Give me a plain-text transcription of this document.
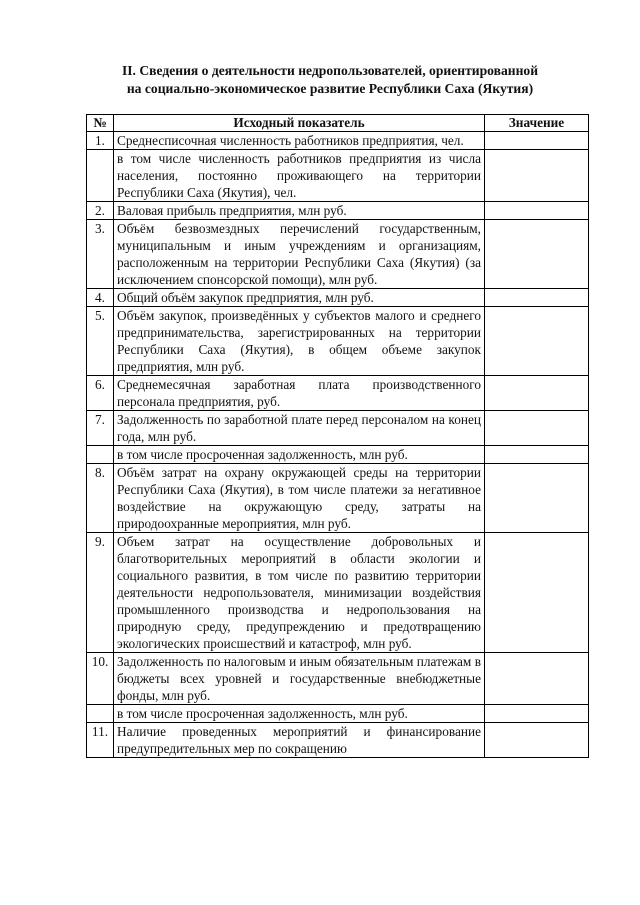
II. Сведения о деятельности недропользователей, ориентированной
на социально-экономическое развитие Республики Саха (Якутия)
№	Исходный показатель	Значение
1.	Среднесписочная численность работников предприятия, чел.	
	в том числе численность работников предприятия из числа населения, постоянно проживающего на территории Республики Саха (Якутия), чел.	
2.	Валовая прибыль предприятия, млн руб.	
3.	Объём безвозмездных перечислений государственным, муниципальным и иным учреждениям и организациям, расположенным на территории Республики Саха (Якутия) (за исключением спонсорской помощи), млн руб.	
4.	Общий объём закупок предприятия, млн руб.	
5.	Объём закупок, произведённых у субъектов малого и среднего предпринимательства, зарегистрированных на территории Республики Саха (Якутия), в общем объеме закупок предприятия, млн руб.	
6.	Среднемесячная заработная плата производственного персонала предприятия, руб.	
7.	Задолженность по заработной плате перед персоналом на конец года, млн руб.	
	в том числе просроченная задолженность, млн руб.	
8.	Объём затрат на охрану окружающей среды на территории Республики Саха (Якутия), в том числе платежи за негативное воздействие на окружающую среду, затраты на природоохранные мероприятия, млн руб.	
9.	Объем затрат на осуществление добровольных и благотворительных мероприятий в области экологии и социального развития, в том числе по развитию территории деятельности недропользователя, минимизации воздействия промышленного производства и недропользования на природную среду, предупреждению и предотвращению экологических происшествий и катастроф, млн руб.	
10.	Задолженность по налоговым и иным обязательным платежам в бюджеты всех уровней и государственные внебюджетные фонды, млн руб.	
	в том числе просроченная задолженность, млн руб.	
11.	Наличие проведенных мероприятий и финансирование предупредительных мер по сокращению	
